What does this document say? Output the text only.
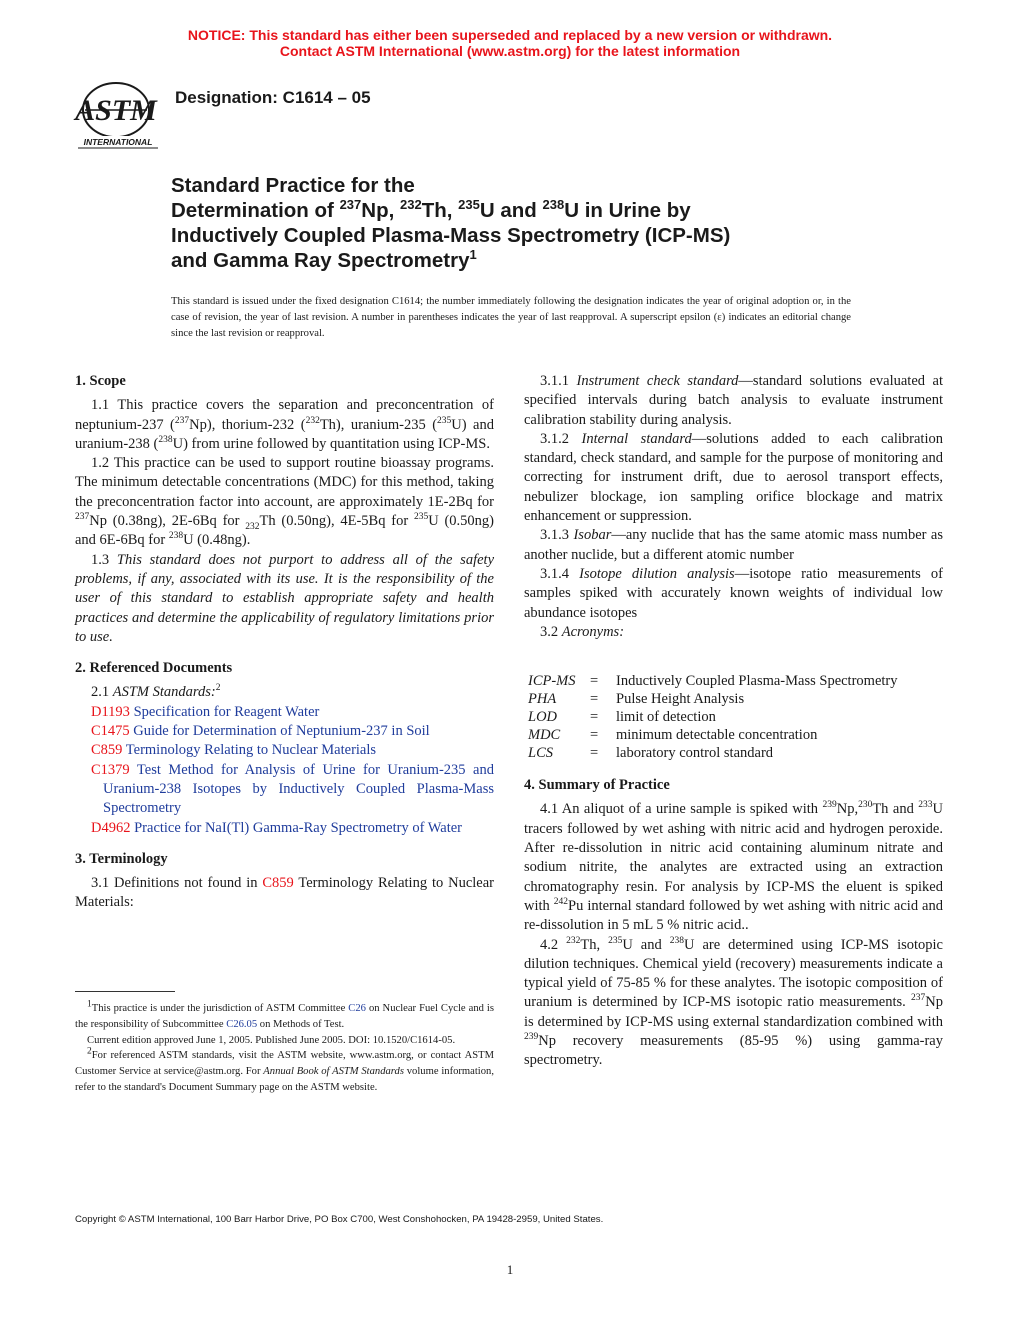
NOTICE: This standard has either been superseded and replaced by a new version or withdrawn.
Contact ASTM International (www.astm.org) for the latest information
ASTM
INTERNATIONAL
Designation: C1614 – 05
Standard Practice for the
Determination of $^{237}$Np, $^{232}$Th, $^{235}$U and $^{238}$U in Urine by
Inductively Coupled Plasma-Mass Spectrometry (ICP-MS)
and Gamma Ray Spectrometry$^1$
This standard is issued under the fixed designation C1614; the number immediately following the designation indicates the year of original adoption or, in the case of revision, the year of last revision. A number in parentheses indicates the year of last reapproval. A superscript epsilon (ε) indicates an editorial change since the last revision or reapproval.

1. Scope

1.1 This practice covers the separation and preconcentration of neptunium-237 ($^{237}$Np), thorium-232 ($^{232}$Th), uranium-235 ($^{235}$U) and uranium-238 ($^{238}$U) from urine followed by quantitation using ICP-MS.

1.2 This practice can be used to support routine bioassay programs. The minimum detectable concentrations (MDC) for this method, taking the preconcentration factor into account, are approximately 1E-2Bq for $^{237}$Np (0.38ng), 2E-6Bq for $_{232}$Th (0.50ng), 4E-5Bq for $^{235}$U (0.50ng) and 6E-6Bq for $^{238}$U (0.48ng).

1.3 This standard does not purport to address all of the safety problems, if any, associated with its use. It is the responsibility of the user of this standard to establish appropriate safety and health practices and determine the applicability of regulatory limitations prior to use.

2. Referenced Documents

2.1 ASTM Standards:$^2$

D1193 Specification for Reagent Water

C1475 Guide for Determination of Neptunium-237 in Soil

C859 Terminology Relating to Nuclear Materials

C1379 Test Method for Analysis of Urine for Uranium-235 and Uranium-238 Isotopes by Inductively Coupled Plasma-Mass Spectrometry

D4962 Practice for NaI(Tl) Gamma-Ray Spectrometry of Water

3. Terminology

3.1 Definitions not found in C859 Terminology Relating to Nuclear Materials:

$^1$This practice is under the jurisdiction of ASTM Committee C26 on Nuclear Fuel Cycle and is the responsibility of Subcommittee C26.05 on Methods of Test.

Current edition approved June 1, 2005. Published June 2005. DOI: 10.1520/C1614-05.

$^2$For referenced ASTM standards, visit the ASTM website, www.astm.org, or contact ASTM Customer Service at service@astm.org. For Annual Book of ASTM Standards volume information, refer to the standard's Document Summary page on the ASTM website.

3.1.1 Instrument check standard—standard solutions evaluated at specified intervals during batch analysis to evaluate instrument calibration stability during analysis.

3.1.2 Internal standard—solutions added to each calibration standard, check standard, and sample for the purpose of monitoring and correcting for instrument drift, due to aerosol transport effects, nebulizer blockage, ion sampling orifice blockage and matrix enhancement or suppression.

3.1.3 Isobar—any nuclide that has the same atomic mass number as another nuclide, but a different atomic number

3.1.4 Isotope dilution analysis—isotope ratio measurements of samples spiked with accurately known weights of individual low abundance isotopes

3.2 Acronyms:

ICP-MS	=	Inductively Coupled Plasma-Mass Spectrometry
PHA	=	Pulse Height Analysis
LOD	=	limit of detection
MDC	=	minimum detectable concentration
LCS	=	laboratory control standard

4. Summary of Practice

4.1 An aliquot of a urine sample is spiked with $^{239}$Np,$^{230}$Th and $^{233}$U tracers followed by wet ashing with nitric acid and hydrogen peroxide. After re-dissolution in nitric acid containing aluminum nitrate and sodium nitrite, the analytes are extracted using an extraction chromatography resin. For analysis by ICP-MS the eluent is spiked with $^{242}$Pu internal standard followed by wet ashing with nitric acid and re-dissolution in 5 mL 5 % nitric acid..

4.2 $^{232}$Th, $^{235}$U and $^{238}$U are determined using ICP-MS isotopic dilution techniques. Chemical yield (recovery) measurements indicate a typical yield of 75-85 % for these analytes. The isotopic composition of uranium is determined by ICP-MS isotopic ratio measurements. $^{237}$Np is determined by ICP-MS using external standardization combined with $^{239}$Np recovery measurements (85-95 %) using gamma-ray spectrometry.

Copyright © ASTM International, 100 Barr Harbor Drive, PO Box C700, West Conshohocken, PA 19428-2959, United States.
1
